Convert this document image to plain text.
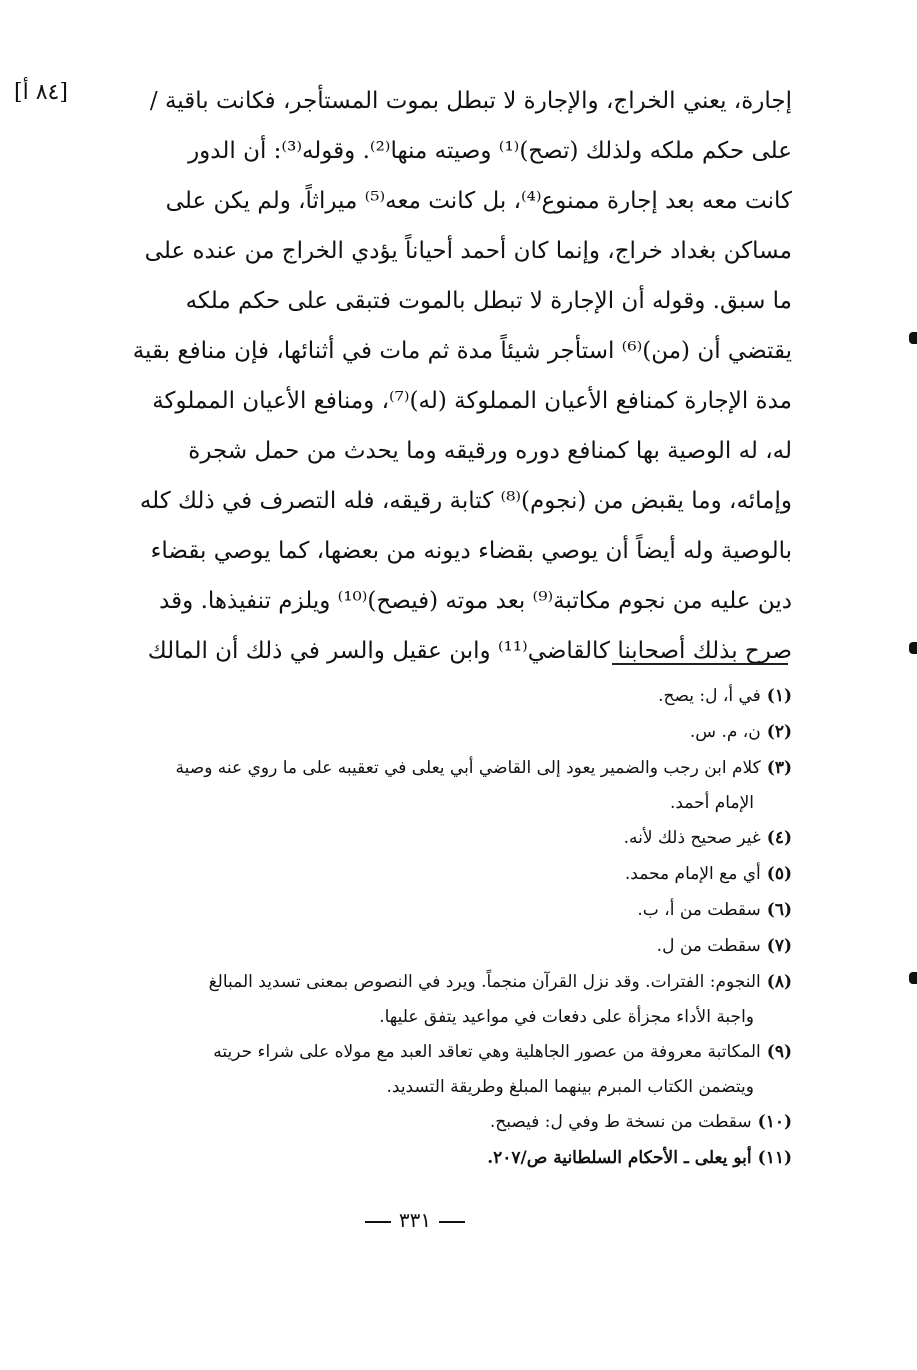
[٨٤ أ]	إجارة، يعني الخراج، والإجارة لا تبطل بموت المستأجر، فكانت باقية /
على حكم ملكه ولذلك (تصح)⁽¹⁾ وصيته منها⁽²⁾. وقوله⁽³⁾: أن الدور
كانت معه بعد إجارة ممنوع⁽⁴⁾، بل كانت معه⁽⁵⁾ ميراثاً، ولم يكن على
مساكن بغداد خراج، وإنما كان أحمد أحياناً يؤدي الخراج من عنده على
ما سبق. وقوله أن الإجارة لا تبطل بالموت فتبقى على حكم ملكه
يقتضي أن (من)⁽⁶⁾ استأجر شيئاً مدة ثم مات في أثنائها، فإن منافع بقية
مدة الإجارة كمنافع الأعيان المملوكة (له)⁽⁷⁾، ومنافع الأعيان المملوكة
له، له الوصية بها كمنافع دوره ورقيقه وما يحدث من حمل شجرة
وإمائه، وما يقبض من (نجوم)⁽⁸⁾ كتابة رقيقه، فله التصرف في ذلك كله
بالوصية وله أيضاً أن يوصي بقضاء ديونه من بعضها، كما يوصي بقضاء
دين عليه من نجوم مكاتبة⁽⁹⁾ بعد موته (فيصح)⁽¹⁰⁾ ويلزم تنفيذها. وقد
صرح بذلك أصحابنا كالقاضي⁽¹¹⁾ وابن عقيل والسر في ذلك أن المالك
(١)في أ، ل: يصح.
(٢)ن، م. س.
(٣)كلام ابن رجب والضمير يعود إلى القاضي أبي يعلى في تعقيبه على ما روي عنه وصية
الإمام أحمد.
(٤)غير صحيح ذلك لأنه.
(٥)أي مع الإمام محمد.
(٦)سقطت من أ، ب.
(٧)سقطت من ل.
(٨)النجوم: الفترات. وقد نزل القرآن منجماً. ويرد في النصوص بمعنى تسديد المبالغ
واجبة الأداء مجزأة على دفعات في مواعيد يتفق عليها.
(٩)المكاتبة معروفة من عصور الجاهلية وهي تعاقد العبد مع مولاه على شراء حريته
ويتضمن الكتاب المبرم بينهما المبلغ وطريقة التسديد.
(١٠)سقطت من نسخة ط وفي ل: فيصبح.
(١١)أبو يعلى ـ الأحكام السلطانية ص/٢٠٧.
٣٣١
